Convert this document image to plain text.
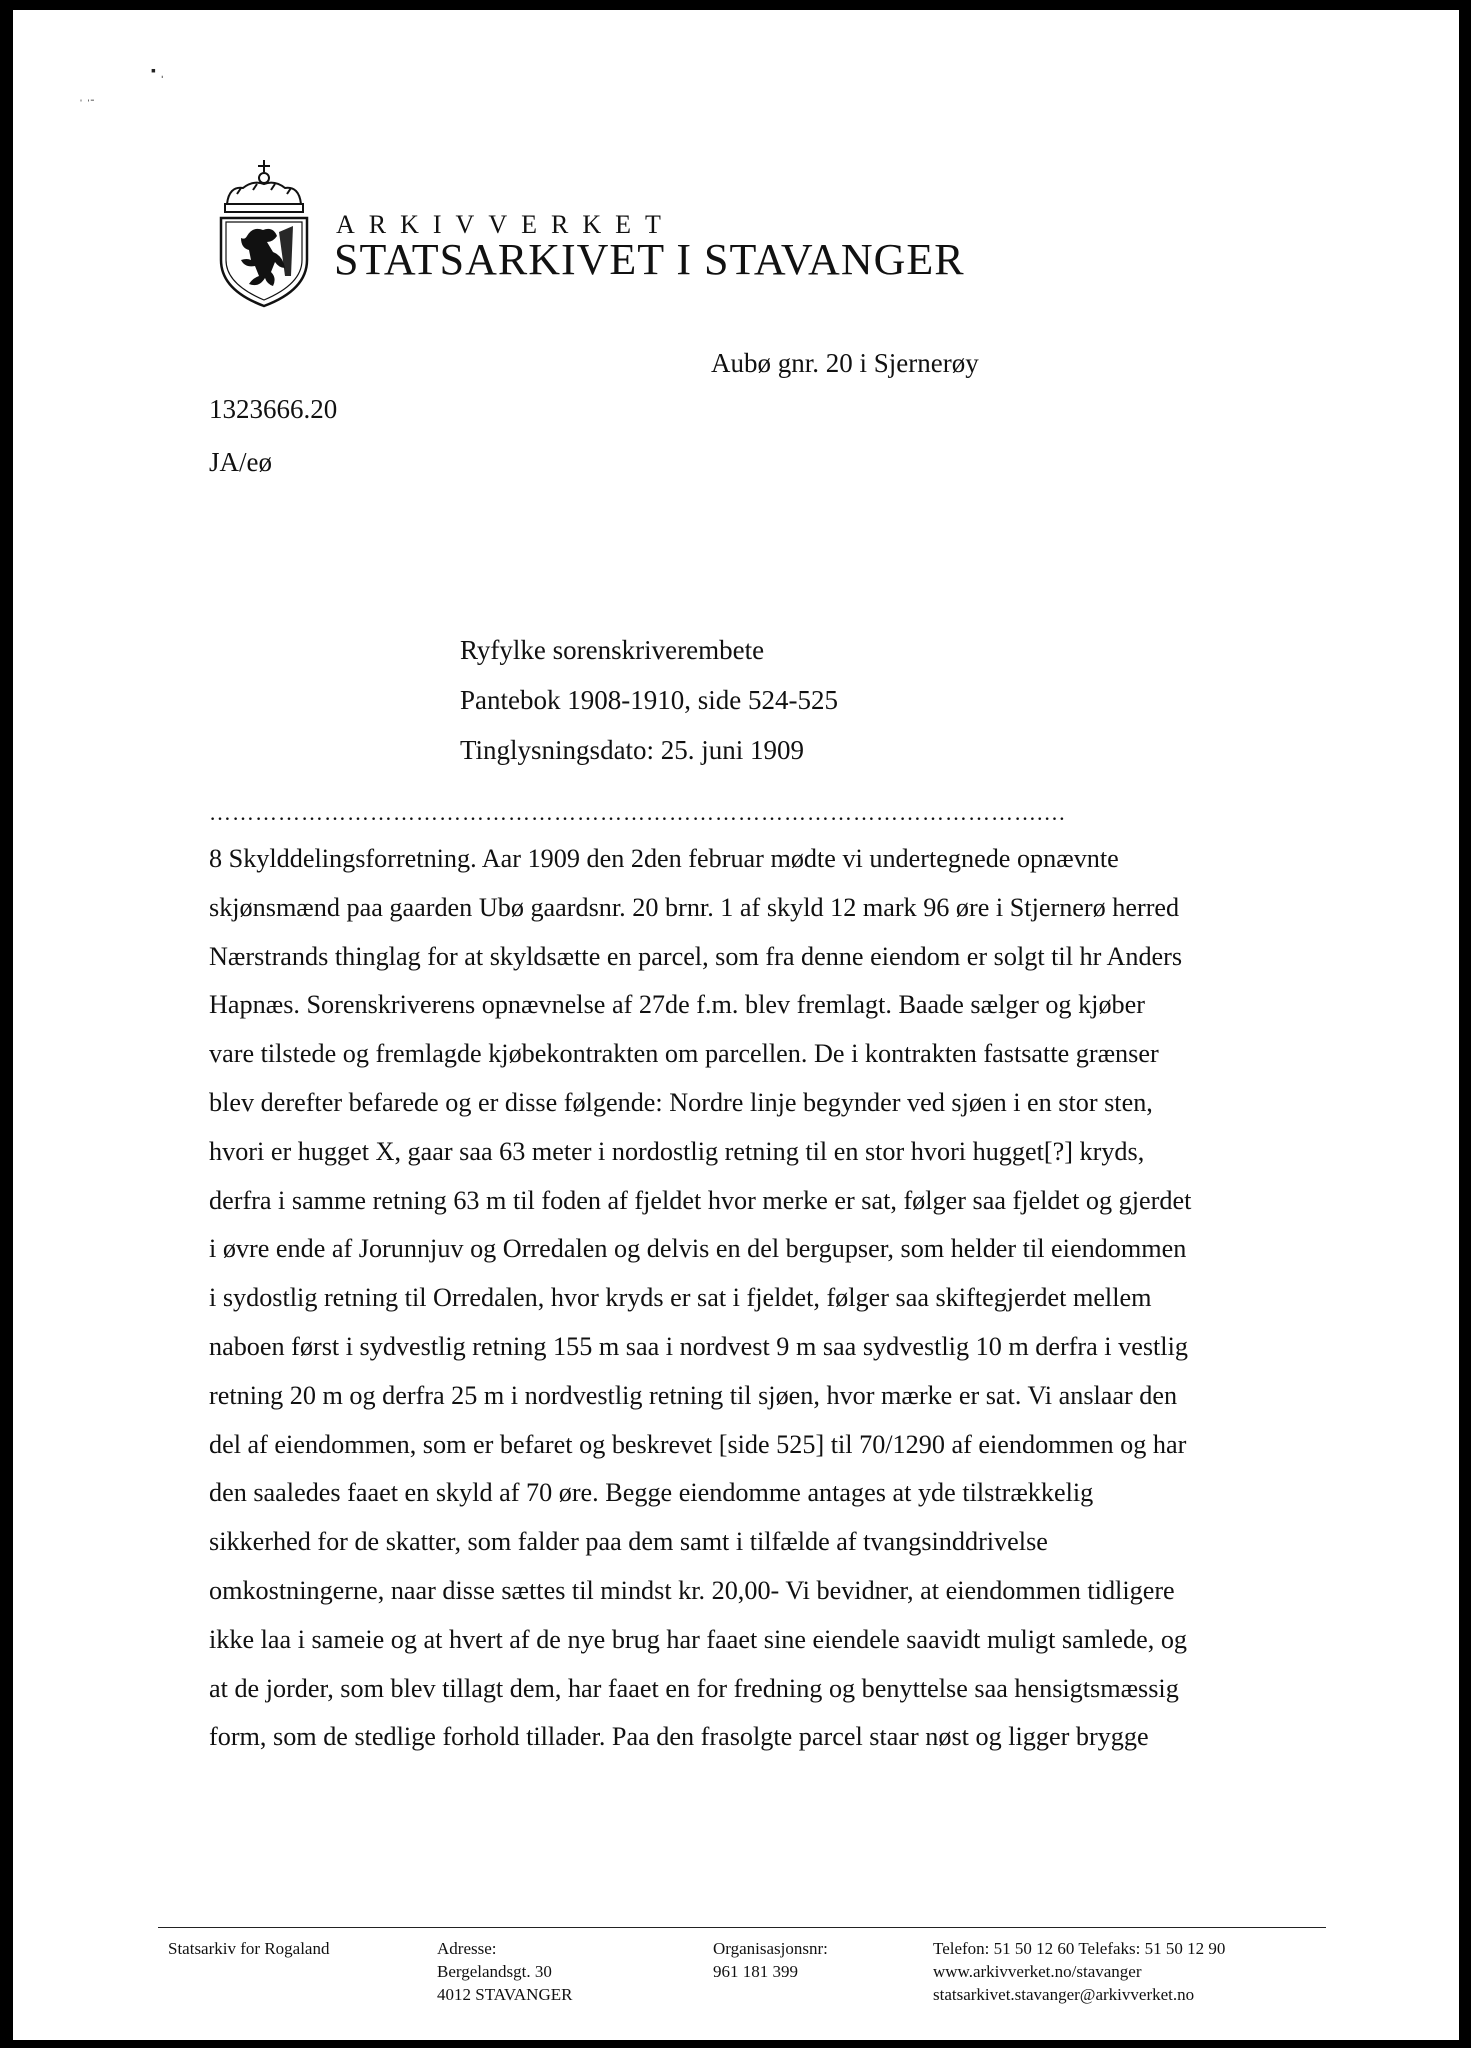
▪ ˌ
ˌ ˌˍ
ARKIVVERKET
STATSARKIVET I STAVANGER
Aubø gnr. 20 i Sjernerøy
1323666.20
JA/eø
Ryfylke sorenskriverembete
Pantebok 1908-1910, side 524-525
Tinglysningsdato: 25. juni 1909
……………………………………………………………………………………………….…
8 Skylddelingsforretning. Aar 1909 den 2den februar mødte vi undertegnede opnævnte
skjønsmænd paa gaarden Ubø gaardsnr. 20 brnr. 1 af skyld 12 mark 96 øre i Stjernerø herred
Nærstrands thinglag for at skyldsætte en parcel, som fra denne eiendom er solgt til hr Anders
Hapnæs. Sorenskriverens opnævnelse af 27de f.m. blev fremlagt. Baade sælger og kjøber
vare tilstede og fremlagde kjøbekontrakten om parcellen. De i kontrakten fastsatte grænser
blev derefter befarede og er disse følgende: Nordre linje begynder ved sjøen i en stor sten,
hvori er hugget X, gaar saa 63 meter i nordostlig retning til en stor hvori hugget[?] kryds,
derfra i samme retning 63 m til foden af fjeldet hvor merke er sat, følger saa fjeldet og gjerdet
i øvre ende af Jorunnjuv og Orredalen og delvis en del bergupser, som helder til eiendommen
i sydostlig retning til Orredalen, hvor kryds er sat i fjeldet, følger saa skiftegjerdet mellem
naboen først i sydvestlig retning 155 m saa i nordvest 9 m saa sydvestlig 10 m derfra i vestlig
retning 20 m og derfra 25 m i nordvestlig retning til sjøen, hvor mærke er sat. Vi anslaar den
del af eiendommen, som er befaret og beskrevet [side 525] til 70/1290 af eiendommen og har
den saaledes faaet en skyld af 70 øre. Begge eiendomme antages at yde tilstrækkelig
sikkerhed for de skatter, som falder paa dem samt i tilfælde af tvangsinddrivelse
omkostningerne, naar disse sættes til mindst kr. 20,00- Vi bevidner, at eiendommen tidligere
ikke laa i sameie og at hvert af de nye brug har faaet sine eiendele saavidt muligt samlede, og
at de jorder, som blev tillagt dem, har faaet en for fredning og benyttelse saa hensigtsmæssig
form, som de stedlige forhold tillader. Paa den frasolgte parcel staar nøst og ligger brygge
Statsarkiv for Rogaland	Adresse:
Bergelandsgt. 30
4012 STAVANGER
Organisasjonsnr:
961 181 399
Telefon: 51 50 12 60 Telefaks: 51 50 12 90
www.arkivverket.no/stavanger
statsarkivet.stavanger@arkivverket.no
